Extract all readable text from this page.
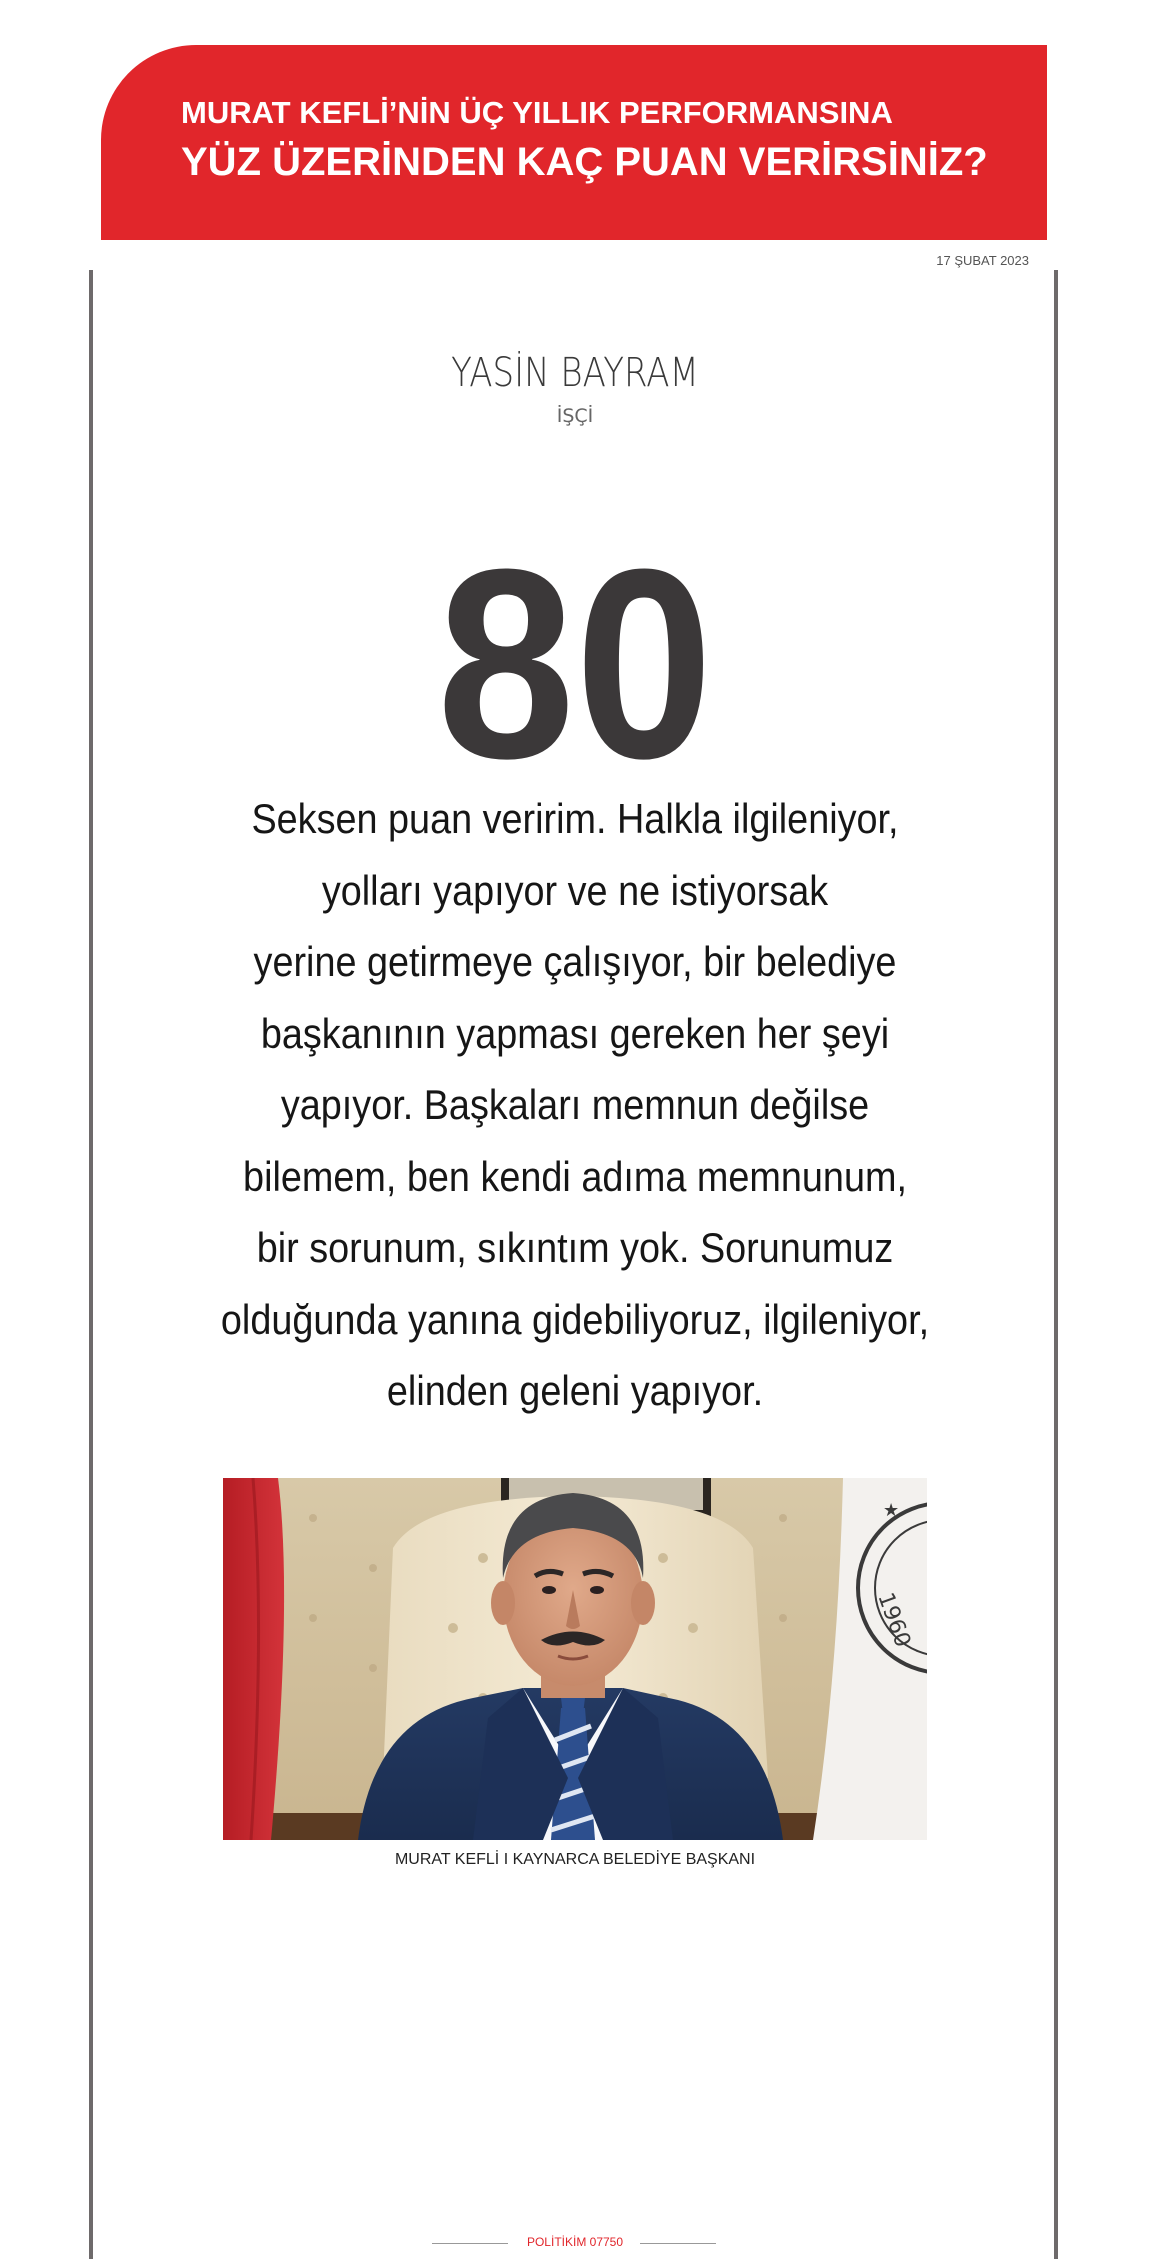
MURAT KEFLİ’NİN ÜÇ YILLIK PERFORMANSINA
YÜZ ÜZERİNDEN KAÇ PUAN VERİRSİNİZ?
17 ŞUBAT 2023
YASİN BAYRAM
İŞÇİ
80
Seksen puan veririm. Halkla ilgileniyor,
yolları yapıyor ve ne istiyorsak
yerine getirmeye çalışıyor, bir belediye
başkanının yapması gereken her şeyi
yapıyor. Başkaları memnun değilse
bilemem, ben kendi adıma memnunum,
bir sorunum, sıkıntım yok. Sorunumuz
olduğunda yanına gidebiliyoruz, ilgileniyor,
elinden geleni yapıyor.
1960
★
MURAT KEFLİ I KAYNARCA BELEDİYE BAŞKANI
POLİTİKİM 07750
